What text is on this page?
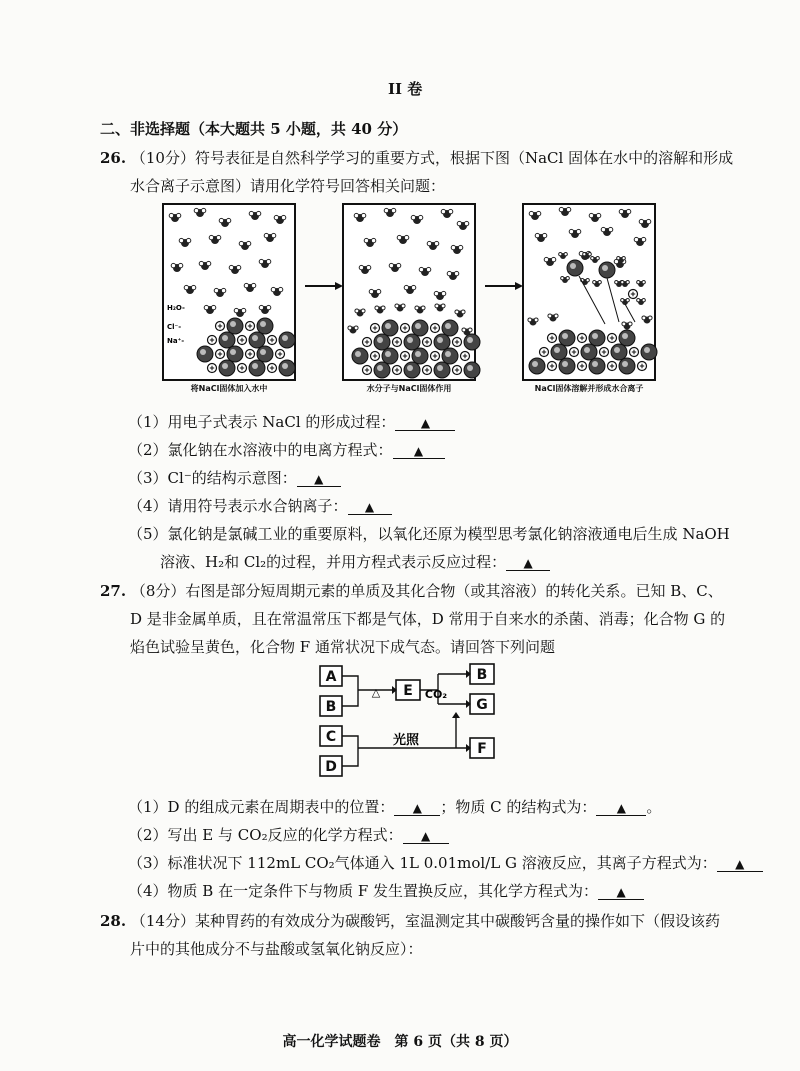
II 卷
二、非选择题（本大题共 5 小题，共 40 分）
26. （10分）符号表征是自然科学学习的重要方式，根据下图（NaCl 固体在水中的溶解和形成
水合离子示意图）请用化学符号回答相关问题：
H₂O-
Cl⁻-
Na⁺-
将NaCl固体加入水中	水分子与NaCl固体作用	NaCl固体溶解并形成水合离子
（1）用电子式表示 NaCl 的形成过程： ▲
（2）氯化钠在水溶液中的电离方程式： ▲
（3）Cl⁻的结构示意图： ▲
（4）请用符号表示水合钠离子： ▲
（5）氯化钠是氯碱工业的重要原料，以氧化还原为模型思考氯化钠溶液通电后生成 NaOH
溶液、H₂和 Cl₂的过程，并用方程式表示反应过程： ▲
27. （8分）右图是部分短周期元素的单质及其化合物（或其溶液）的转化关系。已知 B、C、
D 是非金属单质，且在常温常压下都是气体，D 常用于自来水的杀菌、消毒；化合物 G 的
焰色试验呈黄色，化合物 F 通常状况下成气态。请回答下列问题
A
B
C
D
E
B
G
F
△	CO₂
光照
（1）D 的组成元素在周期表中的位置： ▲ ；物质 C 的结构式为： ▲ 。
（2）写出 E 与 CO₂反应的化学方程式： ▲
（3）标准状况下 112mL CO₂气体通入 1L 0.01mol/L G 溶液反应，其离子方程式为： ▲
（4）物质 B 在一定条件下与物质 F 发生置换反应，其化学方程式为： ▲
28. （14分）某种胃药的有效成分为碳酸钙，室温测定其中碳酸钙含量的操作如下（假设该药
片中的其他成分不与盐酸或氢氧化钠反应）：
高一化学试题卷　第 6 页（共 8 页）
